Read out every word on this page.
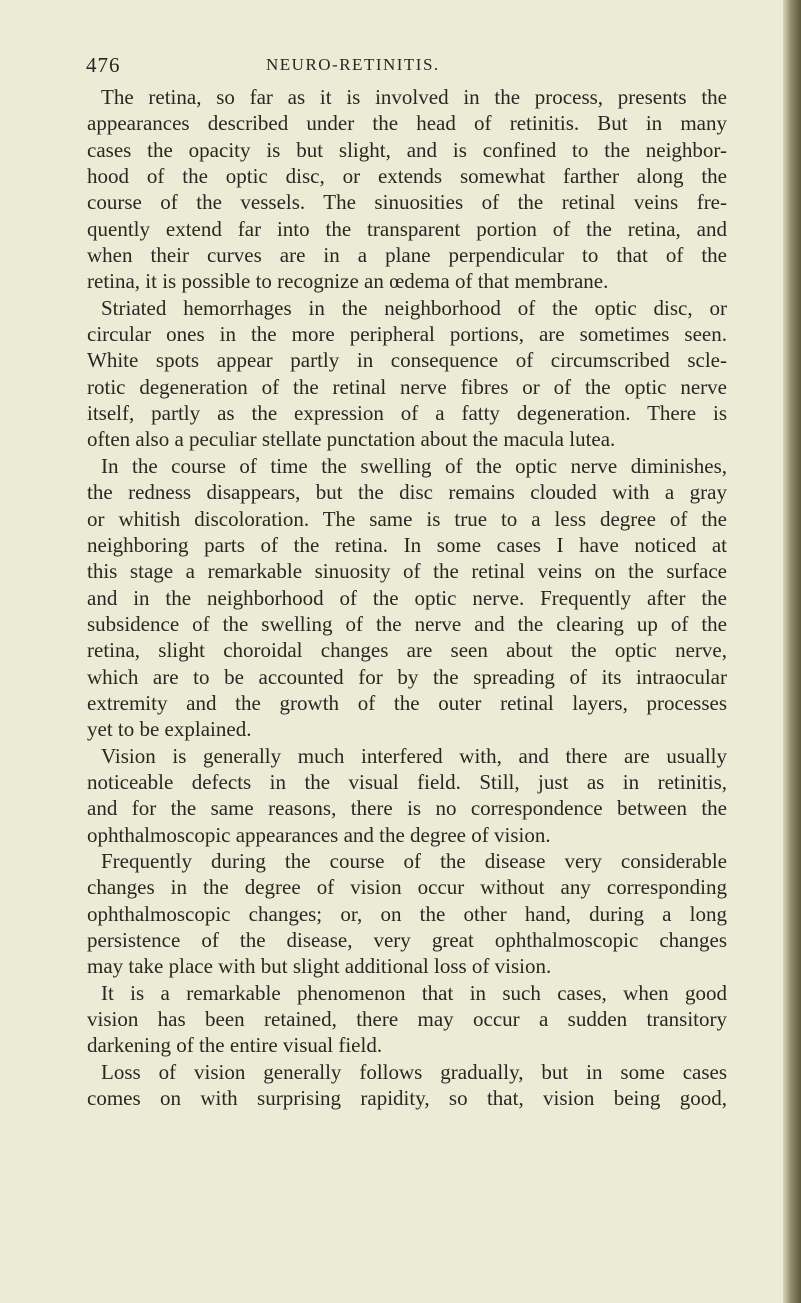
476	NEURO-RETINITIS.
The retina, so far as it is involved in the process, presents the
appearances described under the head of retinitis. But in many
cases the opacity is but slight, and is confined to the neighbor-
hood of the optic disc, or extends somewhat farther along the
course of the vessels. The sinuosities of the retinal veins fre-
quently extend far into the transparent portion of the retina, and
when their curves are in a plane perpendicular to that of the
retina, it is possible to recognize an œdema of that membrane.
Striated hemorrhages in the neighborhood of the optic disc, or
circular ones in the more peripheral portions, are sometimes seen.
White spots appear partly in consequence of circumscribed scle-
rotic degeneration of the retinal nerve fibres or of the optic nerve
itself, partly as the expression of a fatty degeneration. There is
often also a peculiar stellate punctation about the macula lutea.
In the course of time the swelling of the optic nerve diminishes,
the redness disappears, but the disc remains clouded with a gray
or whitish discoloration. The same is true to a less degree of the
neighboring parts of the retina. In some cases I have noticed at
this stage a remarkable sinuosity of the retinal veins on the surface
and in the neighborhood of the optic nerve. Frequently after the
subsidence of the swelling of the nerve and the clearing up of the
retina, slight choroidal changes are seen about the optic nerve,
which are to be accounted for by the spreading of its intraocular
extremity and the growth of the outer retinal layers, processes
yet to be explained.
Vision is generally much interfered with, and there are usually
noticeable defects in the visual field. Still, just as in retinitis,
and for the same reasons, there is no correspondence between the
ophthalmoscopic appearances and the degree of vision.
Frequently during the course of the disease very considerable
changes in the degree of vision occur without any corresponding
ophthalmoscopic changes; or, on the other hand, during a long
persistence of the disease, very great ophthalmoscopic changes
may take place with but slight additional loss of vision.
It is a remarkable phenomenon that in such cases, when good
vision has been retained, there may occur a sudden transitory
darkening of the entire visual field.
Loss of vision generally follows gradually, but in some cases
comes on with surprising rapidity, so that, vision being good,
